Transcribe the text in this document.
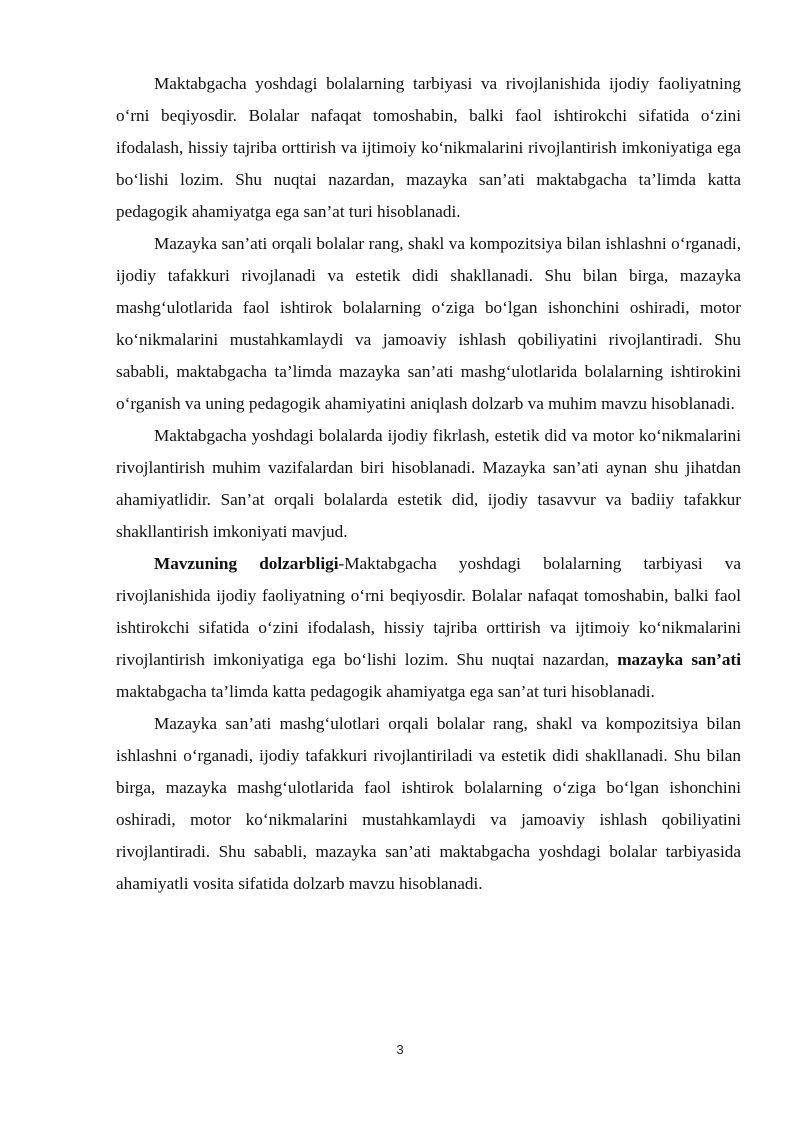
Maktabgacha yoshdagi bolalarning tarbiyasi va rivojlanishida ijodiy faoliyatning o‘rni beqiyosdir. Bolalar nafaqat tomoshabin, balki faol ishtirokchi sifatida o‘zini ifodalash, hissiy tajriba orttirish va ijtimoiy ko‘nikmalarini rivojlantirish imkoniyatiga ega bo‘lishi lozim. Shu nuqtai nazardan, mazayka san’ati maktabgacha ta’limda katta pedagogik ahamiyatga ega san’at turi hisoblanadi.

Mazayka san’ati orqali bolalar rang, shakl va kompozitsiya bilan ishlashni o‘rganadi, ijodiy tafakkuri rivojlanadi va estetik didi shakllanadi. Shu bilan birga, mazayka mashg‘ulotlarida faol ishtirok bolalarning o‘ziga bo‘lgan ishonchini oshiradi, motor ko‘nikmalarini mustahkamlaydi va jamoaviy ishlash qobiliyatini rivojlantiradi. Shu sababli, maktabgacha ta’limda mazayka san’ati mashg‘ulotlarida bolalarning ishtirokini o‘rganish va uning pedagogik ahamiyatini aniqlash dolzarb va muhim mavzu hisoblanadi.

Maktabgacha yoshdagi bolalarda ijodiy fikrlash, estetik did va motor ko‘nikmalarini rivojlantirish muhim vazifalardan biri hisoblanadi. Mazayka san’ati aynan shu jihatdan ahamiyatlidir. San’at orqali bolalarda estetik did, ijodiy tasavvur va badiiy tafakkur shakllantirish imkoniyati mavjud.

Mavzuning dolzarbligi-Maktabgacha yoshdagi bolalarning tarbiyasi va rivojlanishida ijodiy faoliyatning o‘rni beqiyosdir. Bolalar nafaqat tomoshabin, balki faol ishtirokchi sifatida o‘zini ifodalash, hissiy tajriba orttirish va ijtimoiy ko‘nikmalarini rivojlantirish imkoniyatiga ega bo‘lishi lozim. Shu nuqtai nazardan, mazayka san’ati maktabgacha ta’limda katta pedagogik ahamiyatga ega san’at turi hisoblanadi.

Mazayka san’ati mashg‘ulotlari orqali bolalar rang, shakl va kompozitsiya bilan ishlashni o‘rganadi, ijodiy tafakkuri rivojlantiriladi va estetik didi shakllanadi. Shu bilan birga, mazayka mashg‘ulotlarida faol ishtirok bolalarning o‘ziga bo‘lgan ishonchini oshiradi, motor ko‘nikmalarini mustahkamlaydi va jamoaviy ishlash qobiliyatini rivojlantiradi. Shu sababli, mazayka san’ati maktabgacha yoshdagi bolalar tarbiyasida ahamiyatli vosita sifatida dolzarb mavzu hisoblanadi.

3
